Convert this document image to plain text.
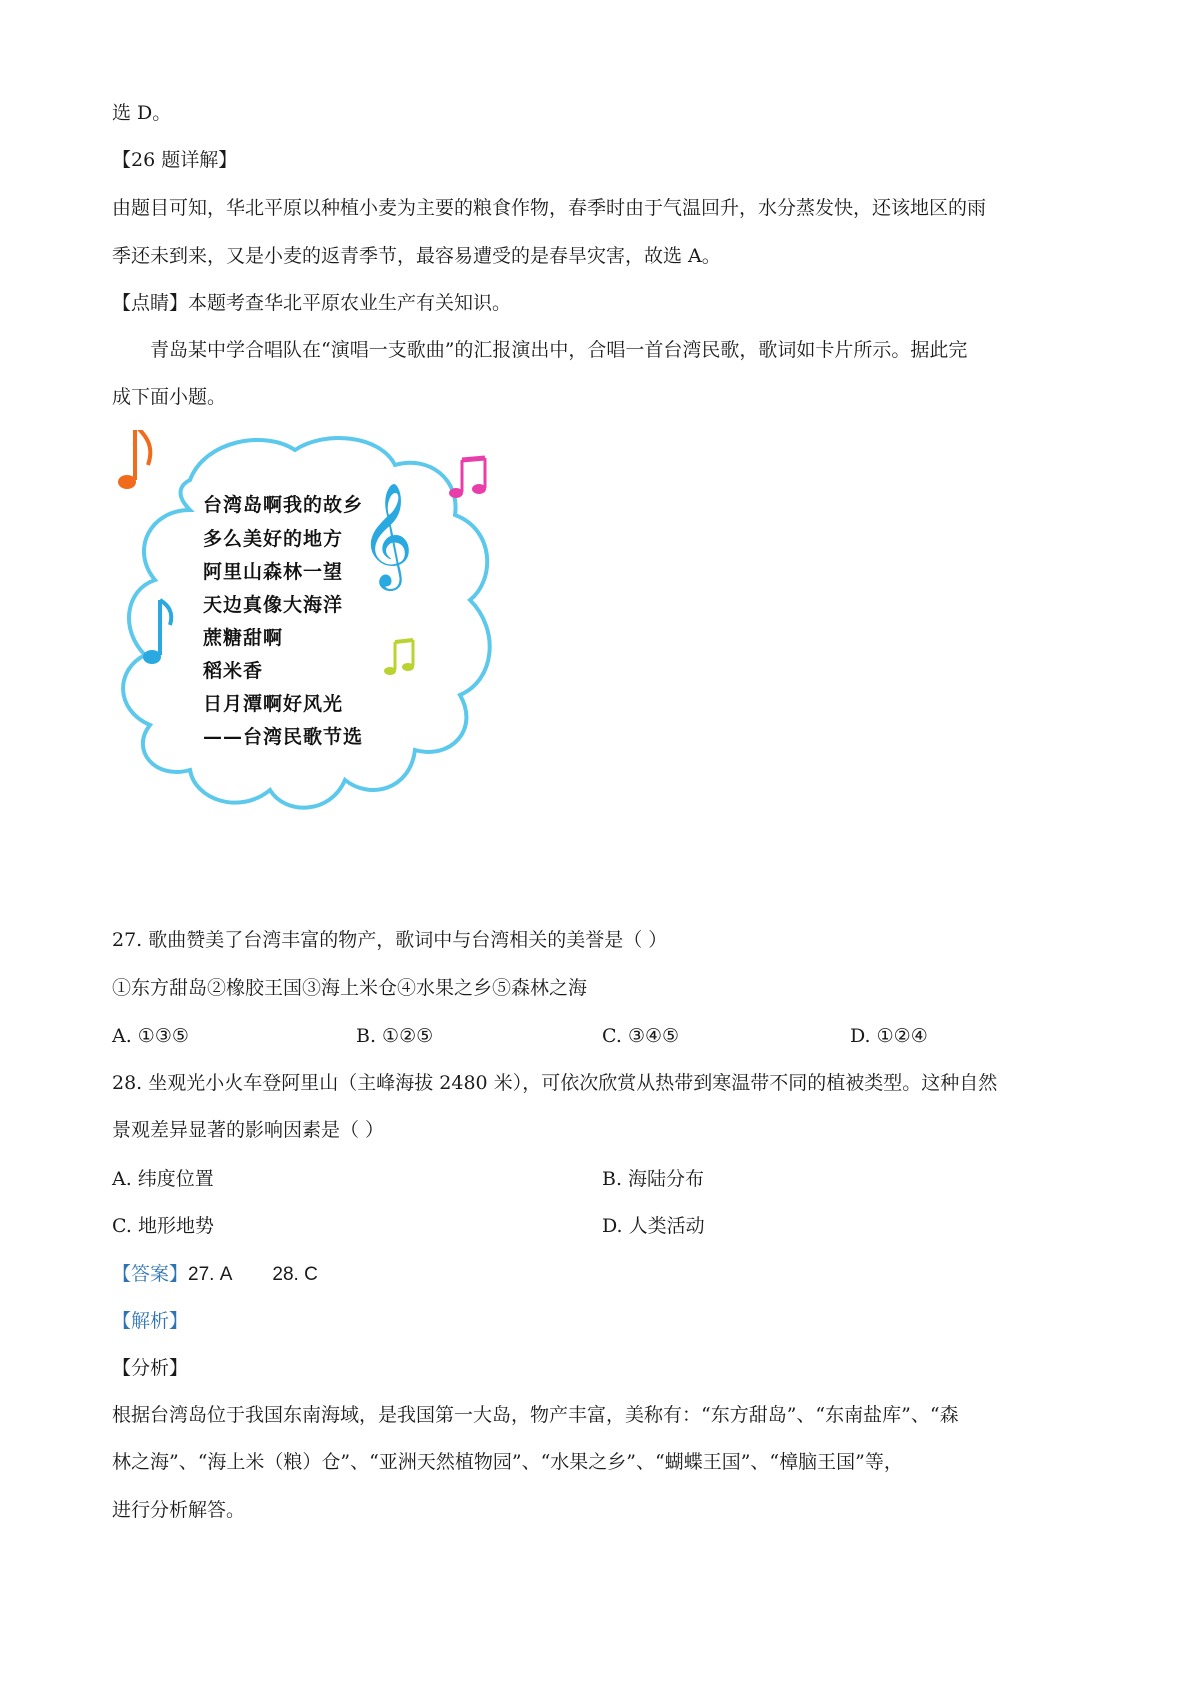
选 D。
【26 题详解】
由题目可知，华北平原以种植小麦为主要的粮食作物，春季时由于气温回升，水分蒸发快，还该地区的雨
季还未到来，又是小麦的返青季节，最容易遭受的是春旱灾害，故选 A。
【点睛】本题考查华北平原农业生产有关知识。
青岛某中学合唱队在“演唱一支歌曲”的汇报演出中，合唱一首台湾民歌，歌词如卡片所示。据此完
成下面小题。
𝄞
台湾岛啊我的故乡
多么美好的地方
阿里山森林一望
天边真像大海洋
蔗糖甜啊
稻米香
日月潭啊好风光
——台湾民歌节选
27. 歌曲赞美了台湾丰富的物产，歌词中与台湾相关的美誉是（ ）
①东方甜岛②橡胶王国③海上米仓④水果之乡⑤森林之海
A. ①③⑤	B. ①②⑤	C. ③④⑤	D. ①②④
28. 坐观光小火车登阿里山（主峰海拔 2480 米），可依次欣赏从热带到寒温带不同的植被类型。这种自然
景观差异显著的影响因素是（ ）
A. 纬度位置	B. 海陆分布
C. 地形地势	D. 人类活动
【答案】27. A 28. C
【解析】
【分析】
根据台湾岛位于我国东南海域，是我国第一大岛，物产丰富，美称有：“东方甜岛”、“东南盐库”、“森
林之海”、“海上米（粮）仓”、“亚洲天然植物园”、“水果之乡”、“蝴蝶王国”、“樟脑王国”等，
进行分析解答。
